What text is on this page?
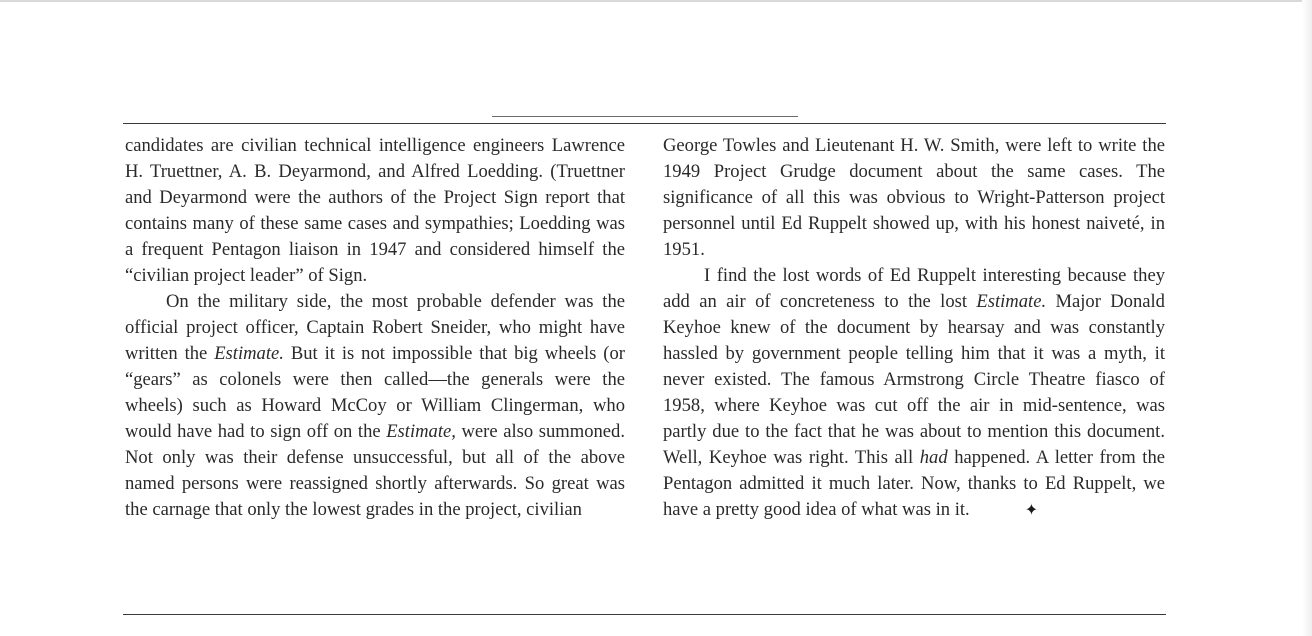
candidates are civilian technical intelligence engineers Lawrence H. Truettner, A. B. Deyarmond, and Alfred Loedding. (Truettner and Deyarmond were the authors of the Project Sign report that contains many of these same cases and sympathies; Loedding was a frequent Pentagon liaison in 1947 and considered himself the “civilian project leader” of Sign.

On the military side, the most probable defender was the official project officer, Captain Robert Sneider, who might have written the Estimate. But it is not impossible that big wheels (or “gears” as colonels were then called—the generals were the wheels) such as Howard McCoy or William Clingerman, who would have had to sign off on the Estimate, were also summoned. Not only was their defense unsuccessful, but all of the above named persons were reassigned shortly afterwards. So great was the carnage that only the lowest grades in the project, civilian

George Towles and Lieutenant H. W. Smith, were left to write the 1949 Project Grudge document about the same cases. The significance of all this was obvious to Wright-Patterson project personnel until Ed Ruppelt showed up, with his honest naiveté, in 1951.

I find the lost words of Ed Ruppelt interesting because they add an air of concreteness to the lost Estimate. Major Donald Keyhoe knew of the document by hearsay and was constantly hassled by government people telling him that it was a myth, it never existed. The famous Armstrong Circle Theatre fiasco of 1958, where Keyhoe was cut off the air in mid-sentence, was partly due to the fact that he was about to mention this document. Well, Keyhoe was right. This all had happened. A letter from the Pentagon admitted it much later. Now, thanks to Ed Ruppelt, we have a pretty good idea of what was in it.	✦
